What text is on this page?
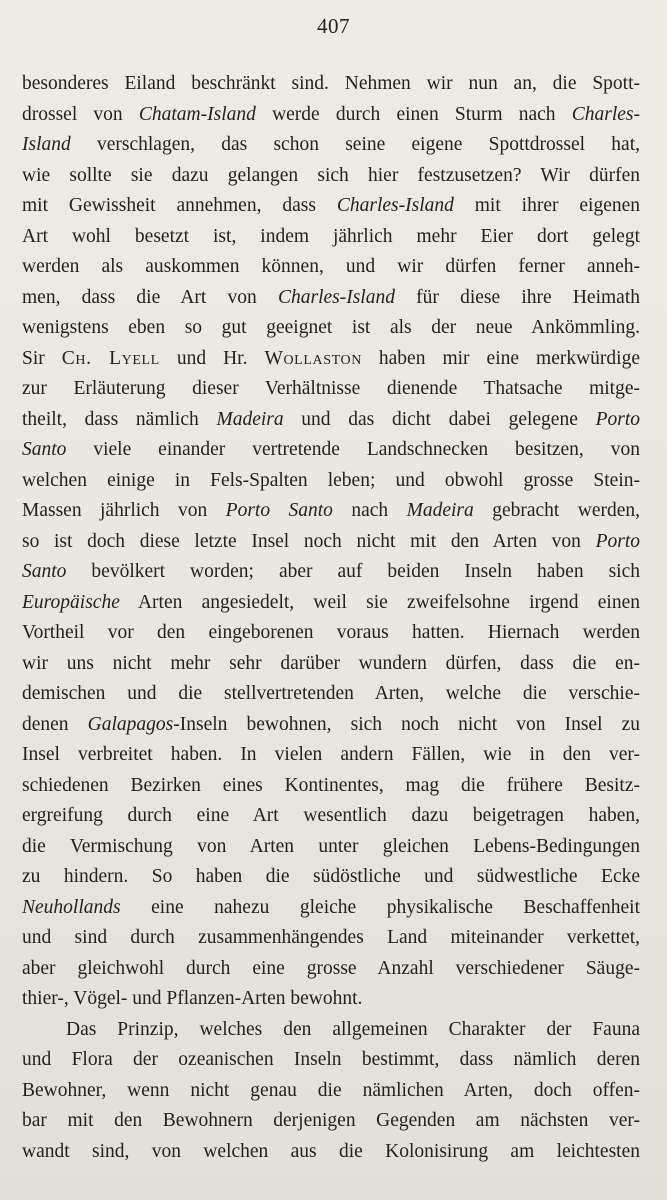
407
besonderes Eiland beschränkt sind. Nehmen wir nun an, die Spott-
drossel von Chatam-Island werde durch einen Sturm nach Charles-
Island verschlagen, das schon seine eigene Spottdrossel hat,
wie sollte sie dazu gelangen sich hier festzusetzen? Wir dürfen
mit Gewissheit annehmen, dass Charles-Island mit ihrer eigenen
Art wohl besetzt ist, indem jährlich mehr Eier dort gelegt
werden als auskommen können, und wir dürfen ferner anneh-
men, dass die Art von Charles-Island für diese ihre Heimath
wenigstens eben so gut geeignet ist als der neue Ankömmling.
Sir Ch. Lyell und Hr. Wollaston haben mir eine merkwürdige
zur Erläuterung dieser Verhältnisse dienende Thatsache mitge-
theilt, dass nämlich Madeira und das dicht dabei gelegene Porto
Santo viele einander vertretende Landschnecken besitzen, von
welchen einige in Fels-Spalten leben; und obwohl grosse Stein-
Massen jährlich von Porto Santo nach Madeira gebracht werden,
so ist doch diese letzte Insel noch nicht mit den Arten von Porto
Santo bevölkert worden; aber auf beiden Inseln haben sich
Europäische Arten angesiedelt, weil sie zweifelsohne irgend einen
Vortheil vor den eingeborenen voraus hatten. Hiernach werden
wir uns nicht mehr sehr darüber wundern dürfen, dass die en-
demischen und die stellvertretenden Arten, welche die verschie-
denen Galapagos-Inseln bewohnen, sich noch nicht von Insel zu
Insel verbreitet haben. In vielen andern Fällen, wie in den ver-
schiedenen Bezirken eines Kontinentes, mag die frühere Besitz-
ergreifung durch eine Art wesentlich dazu beigetragen haben,
die Vermischung von Arten unter gleichen Lebens-Bedingungen
zu hindern. So haben die südöstliche und südwestliche Ecke
Neuhollands eine nahezu gleiche physikalische Beschaffenheit
und sind durch zusammenhängendes Land miteinander verkettet,
aber gleichwohl durch eine grosse Anzahl verschiedener Säuge-
thier-, Vögel- und Pflanzen-Arten bewohnt.
Das Prinzip, welches den allgemeinen Charakter der Fauna
und Flora der ozeanischen Inseln bestimmt, dass nämlich deren
Bewohner, wenn nicht genau die nämlichen Arten, doch offen-
bar mit den Bewohnern derjenigen Gegenden am nächsten ver-
wandt sind, von welchen aus die Kolonisirung am leichtesten
